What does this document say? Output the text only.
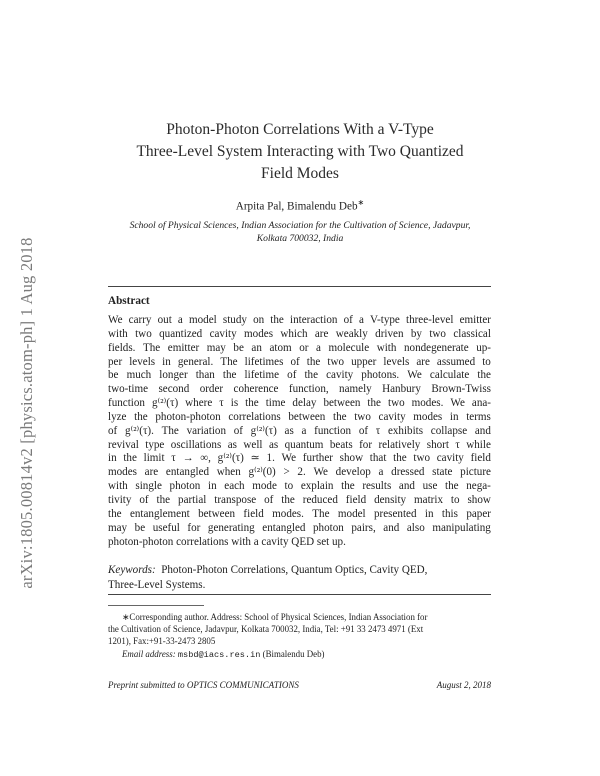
arXiv:1805.00814v2 [physics.atom-ph] 1 Aug 2018
Photon-Photon Correlations With a V-Type
Three-Level System Interacting with Two Quantized
Field Modes
Arpita Pal, Bimalendu Deb∗
School of Physical Sciences, Indian Association for the Cultivation of Science, Jadavpur,
Kolkata 700032, India
Abstract
We carry out a model study on the interaction of a V-type three-level emitter
with two quantized cavity modes which are weakly driven by two classical
fields. The emitter may be an atom or a molecule with nondegenerate up-
per levels in general. The lifetimes of the two upper levels are assumed to
be much longer than the lifetime of the cavity photons. We calculate the
two-time second order coherence function, namely Hanbury Brown-Twiss
function g⁽²⁾(τ) where τ is the time delay between the two modes. We ana-
lyze the photon-photon correlations between the two cavity modes in terms
of g⁽²⁾(τ). The variation of g⁽²⁾(τ) as a function of τ exhibits collapse and
revival type oscillations as well as quantum beats for relatively short τ while
in the limit τ → ∞, g⁽²⁾(τ) ≃ 1. We further show that the two cavity field
modes are entangled when g⁽²⁾(0) > 2. We develop a dressed state picture
with single photon in each mode to explain the results and use the nega-
tivity of the partial transpose of the reduced field density matrix to show
the entanglement between field modes. The model presented in this paper
may be useful for generating entangled photon pairs, and also manipulating
photon-photon correlations with a cavity QED set up.
Keywords: Photon-Photon Correlations, Quantum Optics, Cavity QED,
Three-Level Systems.
∗Corresponding author. Address: School of Physical Sciences, Indian Association for
the Cultivation of Science, Jadavpur, Kolkata 700032, India, Tel: +91 33 2473 4971 (Ext
1201), Fax:+91-33-2473 2805
Email address: msbd@iacs.res.in (Bimalendu Deb)
Preprint submitted to OPTICS COMMUNICATIONS	August 2, 2018
